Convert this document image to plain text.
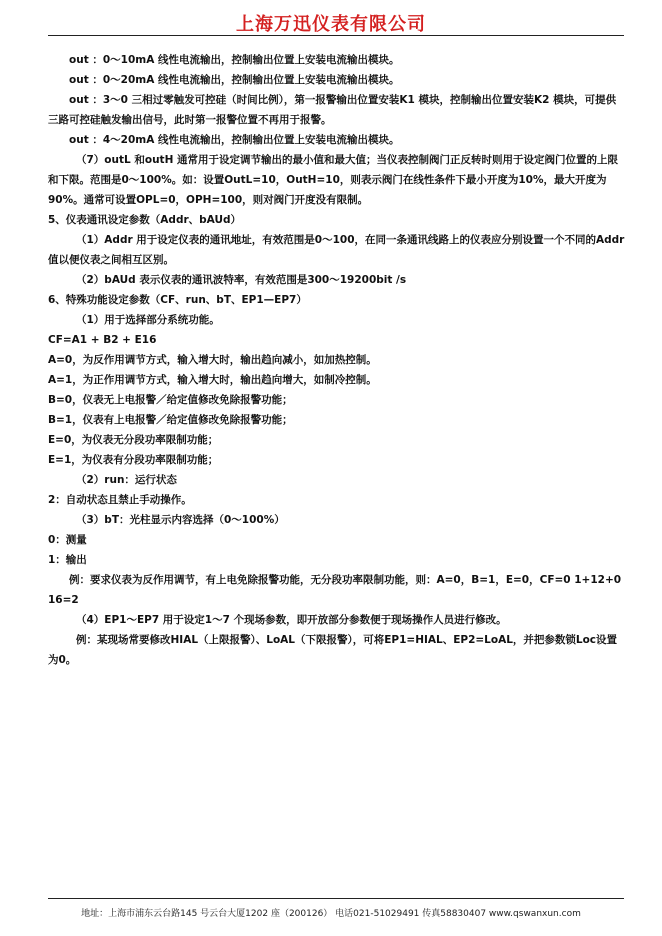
上海万迅仪表有限公司

out ：0～10mA 线性电流输出，控制输出位置上安装电流输出模块。

out ：0～20mA 线性电流输出，控制输出位置上安装电流输出模块。

out ：3～0 三相过零触发可控硅（时间比例），第一报警输出位置安装K1 模块，控制输出位置安装K2 模块，可提供三路可控硅触发输出信号，此时第一报警位置不再用于报警。

out ：4～20mA 线性电流输出，控制输出位置上安装电流输出模块。

（7）outL 和outH 通常用于设定调节输出的最小值和最大值；当仪表控制阀门正反转时则用于设定阀门位置的上限和下限。范围是0～100%。如：设置OutL=10，OutH=10，则表示阀门在线性条件下最小开度为10%，最大开度为90%。通常可设置OPL=0，OPH=100，则对阀门开度没有限制。

5、仪表通讯设定参数（Addr、bAUd）

（1）Addr 用于设定仪表的通讯地址，有效范围是0～100，在同一条通讯线路上的仪表应分别设置一个不同的Addr 值以便仪表之间相互区别。

（2）bAUd 表示仪表的通讯波特率，有效范围是300～19200bit /s

6、特殊功能设定参数（CF、run、bT、EP1—EP7）

（1）用于选择部分系统功能。

CF=A1 + B2 + E16

A=0，为反作用调节方式，输入增大时，输出趋向减小，如加热控制。

A=1，为正作用调节方式，输入增大时，输出趋向增大，如制冷控制。

B=0，仪表无上电报警／给定值修改免除报警功能；

B=1，仪表有上电报警／给定值修改免除报警功能；

E=0，为仪表无分段功率限制功能；

E=1，为仪表有分段功率限制功能；

（2）run：运行状态

2：自动状态且禁止手动操作。

（3）bT：光柱显示内容选择（0～100%）

0：测量

1：输出

例：要求仪表为反作用调节，有上电免除报警功能，无分段功率限制功能，则：A=0，B=1，E=0，CF=0 1+12+0 16=2

（4）EP1～EP7 用于设定1～7 个现场参数，即开放部分参数便于现场操作人员进行修改。

例：某现场常要修改HIAL（上限报警）、LoAL（下限报警），可将EP1=HIAL、EP2=LoAL，并把参数锁Loc设置为0。

地址：上海市浦东云台路145 号云台大厦1202 座（200126） 电话021-51029491 传真58830407 www.qswanxun.com
